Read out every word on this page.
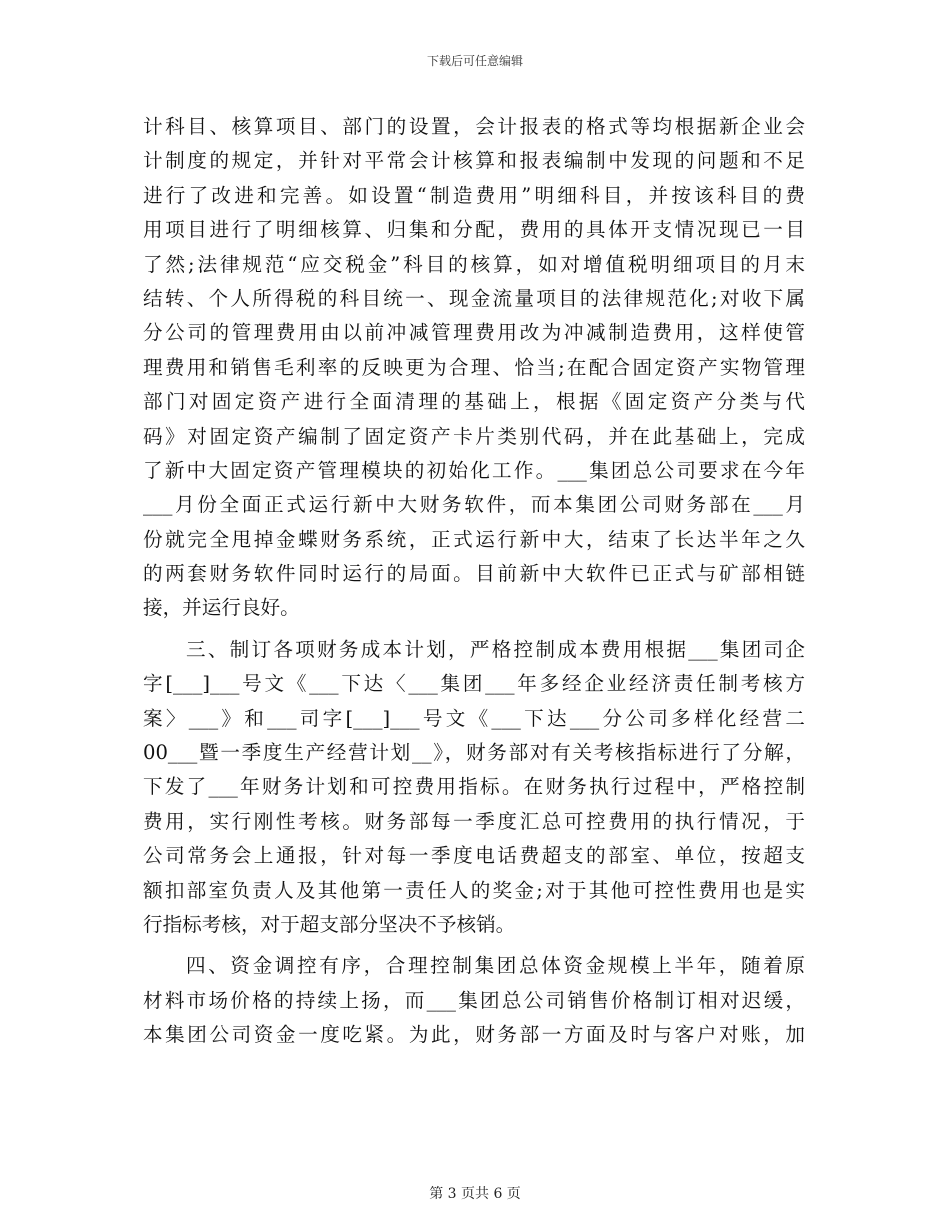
下载后可任意编辑
计科目、核算项目、部门的设置，会计报表的格式等均根据新企业会
计制度的规定，并针对平常会计核算和报表编制中发现的问题和不足
进行了改进和完善。如设置“制造费用”明细科目，并按该科目的费
用项目进行了明细核算、归集和分配，费用的具体开支情况现已一目
了然;法律规范“应交税金”科目的核算，如对增值税明细项目的月末
结转、个人所得税的科目统一、现金流量项目的法律规范化;对收下属
分公司的管理费用由以前冲减管理费用改为冲减制造费用，这样使管
理费用和销售毛利率的反映更为合理、恰当;在配合固定资产实物管理
部门对固定资产进行全面清理的基础上，根据《固定资产分类与代
码》对固定资产编制了固定资产卡片类别代码，并在此基础上，完成
了新中大固定资产管理模块的初始化工作。___集团总公司要求在今年
___月份全面正式运行新中大财务软件，而本集团公司财务部在___月
份就完全甩掉金蝶财务系统，正式运行新中大，结束了长达半年之久
的两套财务软件同时运行的局面。目前新中大软件已正式与矿部相链
接，并运行良好。
三、制订各项财务成本计划，严格控制成本费用根据___集团司企
字[___]___号文《___下达〈___集团___年多经企业经济责任制考核方
案〉___》和___司字[___]___号文《___下达___分公司多样化经营二
00___暨一季度生产经营计划__》，财务部对有关考核指标进行了分解，
下发了___年财务计划和可控费用指标。在财务执行过程中，严格控制
费用，实行刚性考核。财务部每一季度汇总可控费用的执行情况，于
公司常务会上通报，针对每一季度电话费超支的部室、单位，按超支
额扣部室负责人及其他第一责任人的奖金;对于其他可控性费用也是实
行指标考核，对于超支部分坚决不予核销。
四、资金调控有序，合理控制集团总体资金规模上半年，随着原
材料市场价格的持续上扬，而___集团总公司销售价格制订相对迟缓，
本集团公司资金一度吃紧。为此，财务部一方面及时与客户对账，加
第 3 页共 6 页
